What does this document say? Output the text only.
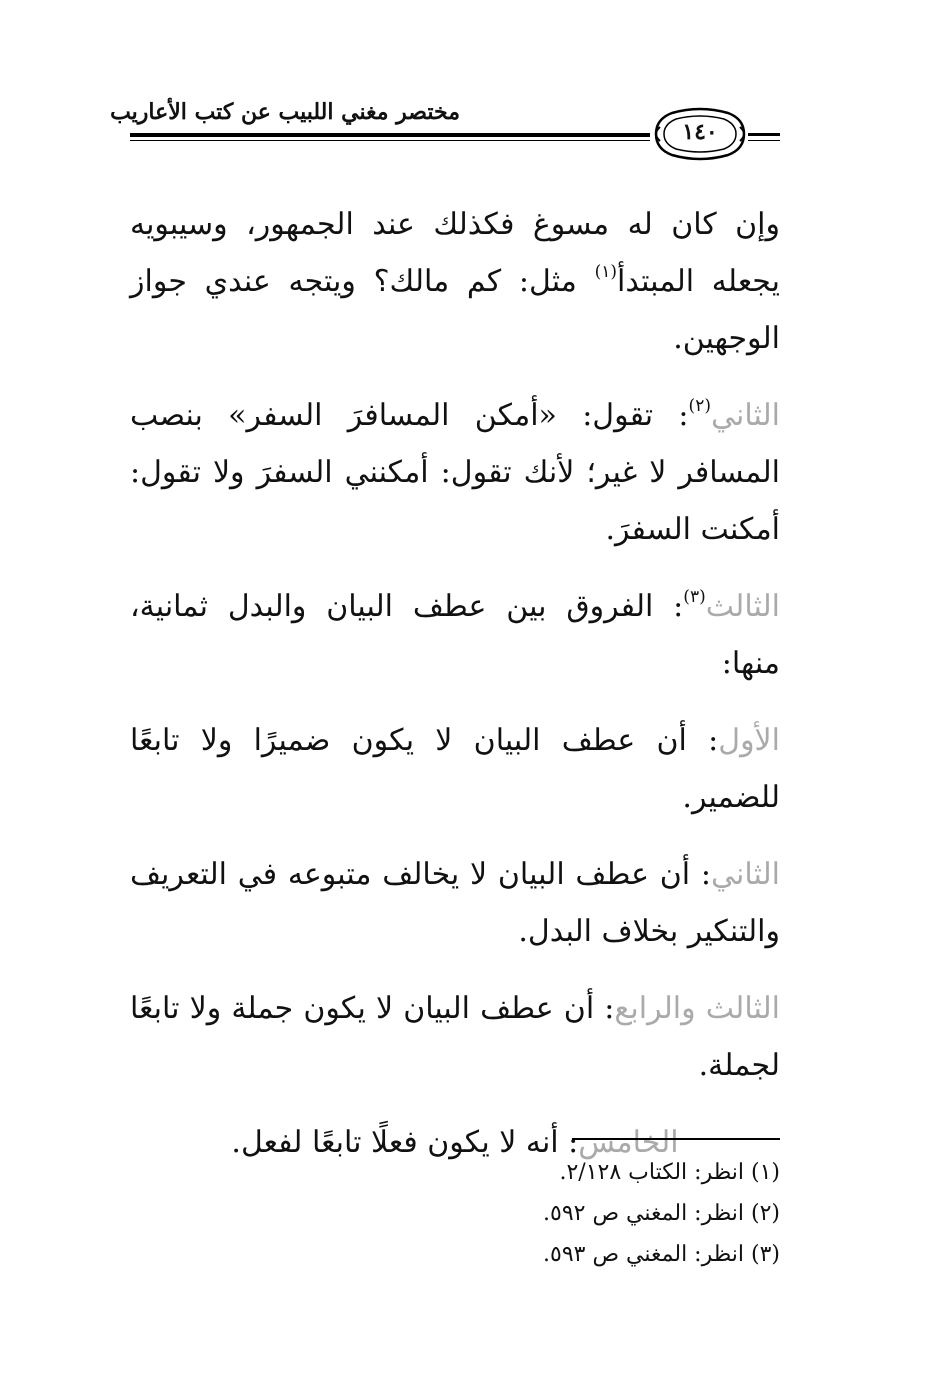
مختصر مغني اللبيب عن كتب الأعاريب
١٤٠

وإن كان له مسوغ فكذلك عند الجمهور، وسيبويه يجعله المبتدأ$^{(١)}$ مثل: كم مالك؟ ويتجه عندي جواز الوجهين.

الثاني$^{(٢)}$: تقول: «أمكن المسافرَ السفر» بنصب المسافر لا غير؛ لأنك تقول: أمكنني السفرَ ولا تقول: أمكنت السفرَ.

الثالث$^{(٣)}$: الفروق بين عطف البيان والبدل ثمانية، منها:

الأول: أن عطف البيان لا يكون ضميرًا ولا تابعًا للضمير.

الثاني: أن عطف البيان لا يخالف متبوعه في التعريف والتنكير بخلاف البدل.

الثالث والرابع: أن عطف البيان لا يكون جملة ولا تابعًا لجملة.

الخامس: أنه لا يكون فعلًا تابعًا لفعل.

(١) انظر: الكتاب ٢/١٢٨.
(٢) انظر: المغني ص ٥٩٢.
(٣) انظر: المغني ص ٥٩٣.
